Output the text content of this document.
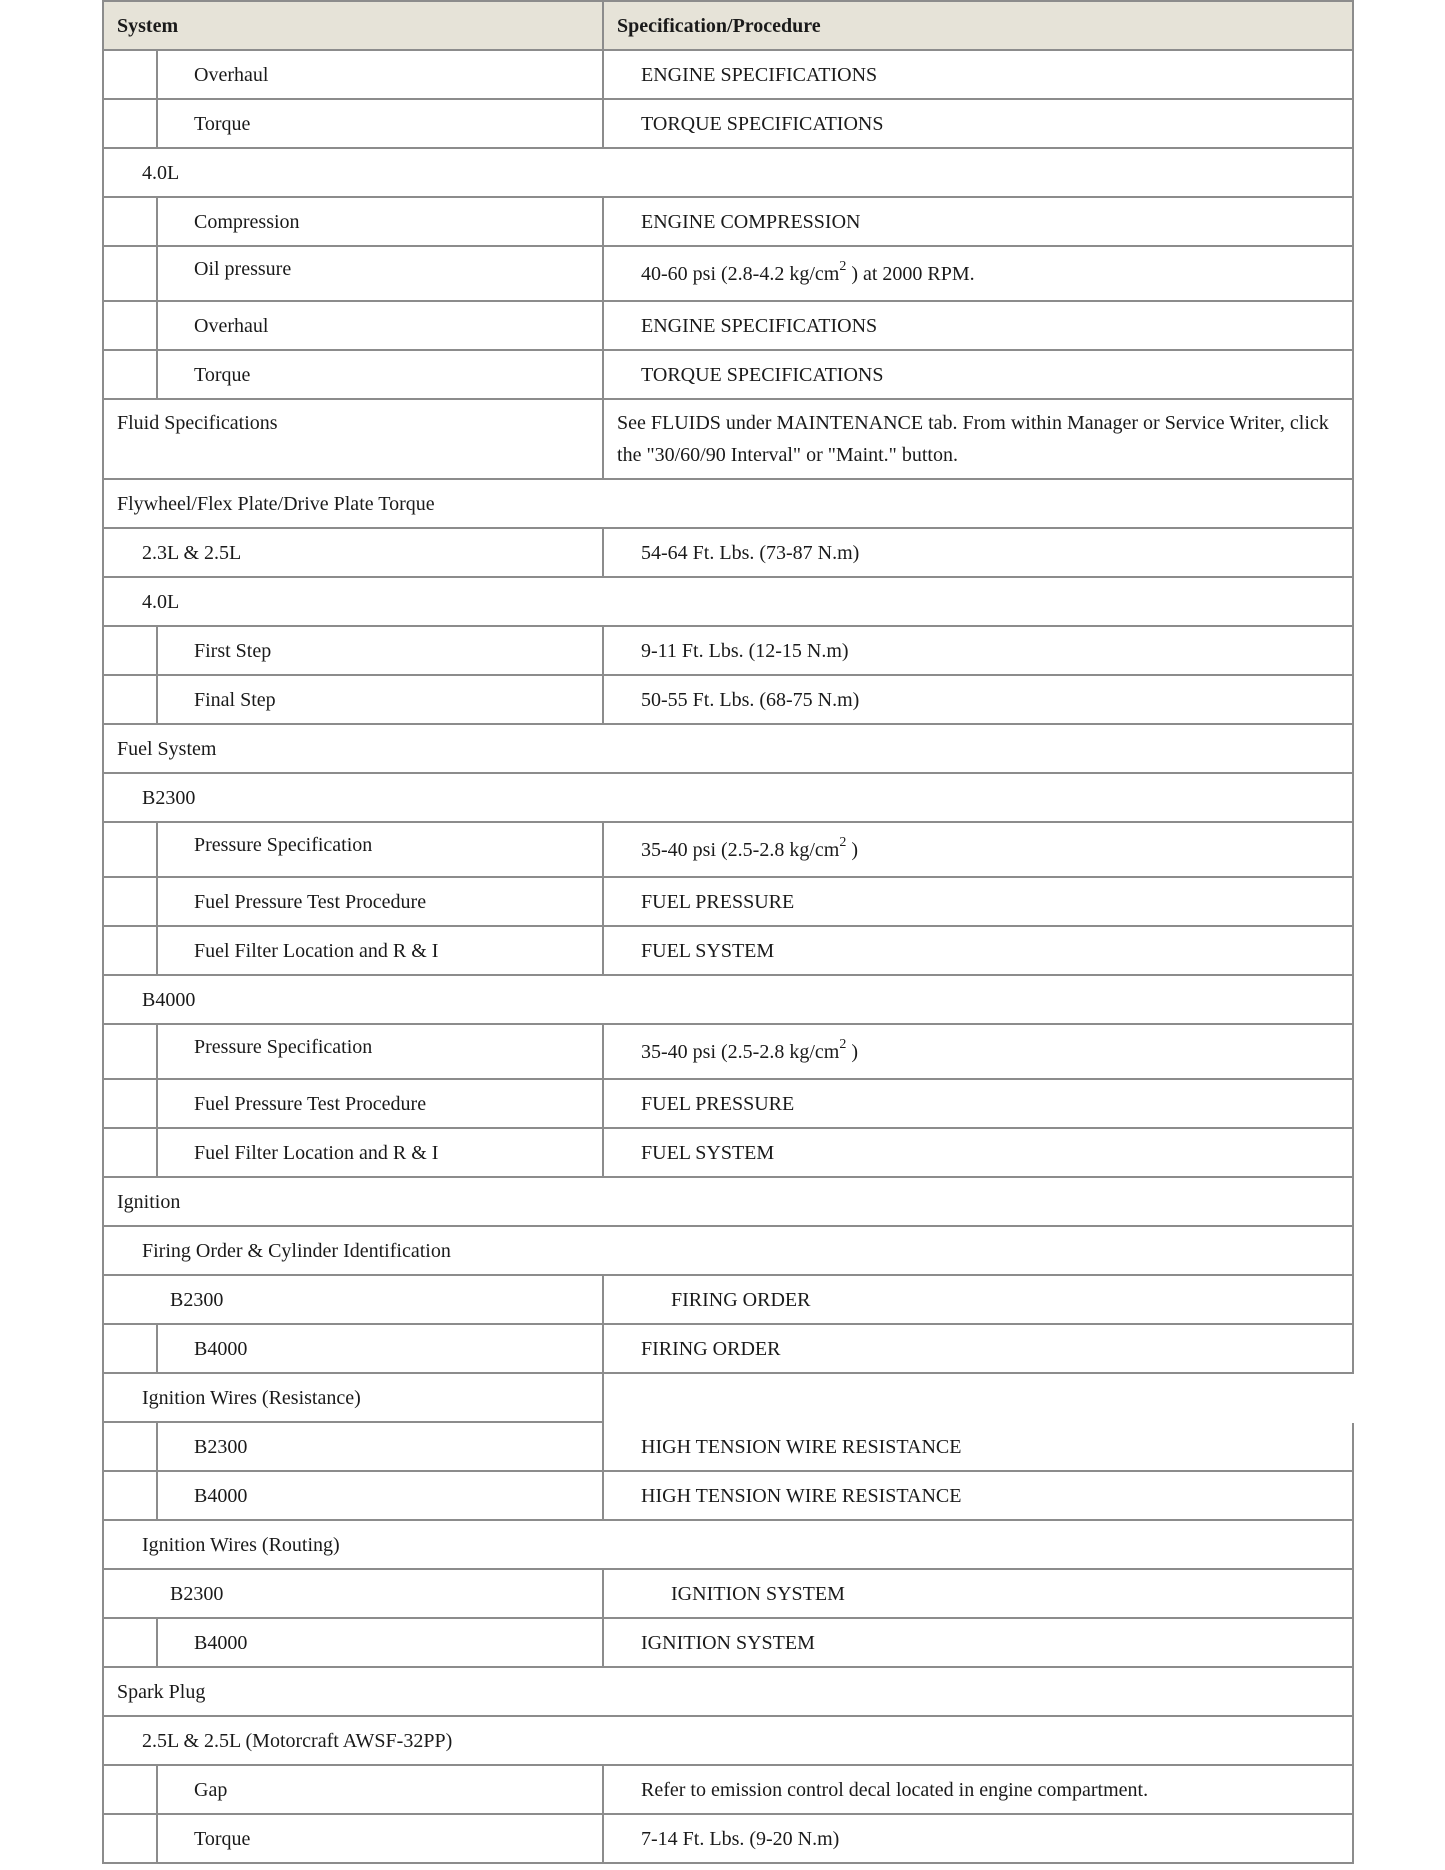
System		Specification/Procedure
	Overhaul	ENGINE SPECIFICATIONS
	Torque	TORQUE SPECIFICATIONS
4.0L		
	Compression	ENGINE COMPRESSION
	Oil pressure	40-60 psi (2.8-4.2 $kg/cm^2$ ) at 2000 RPM.
	Overhaul	ENGINE SPECIFICATIONS
	Torque	TORQUE SPECIFICATIONS
Fluid Specifications		See FLUIDS under MAINTENANCE tab. From within Manager or Service Writer, click the "30/60/90 Interval" or "Maint." button.
Flywheel/Flex Plate/Drive Plate Torque		
2.3L & 2.5L		54-64 Ft. Lbs. (73-87 N.m)
4.0L		
	First Step	9-11 Ft. Lbs. (12-15 N.m)
	Final Step	50-55 Ft. Lbs. (68-75 N.m)
Fuel System		
B2300		
	Pressure Specification	35-40 psi (2.5-2.8 $kg/cm^2$ )
	Fuel Pressure Test Procedure	FUEL PRESSURE
	Fuel Filter Location and R & I	FUEL SYSTEM
B4000		
	Pressure Specification	35-40 psi (2.5-2.8 $kg/cm^2$ )
	Fuel Pressure Test Procedure	FUEL PRESSURE
	Fuel Filter Location and R & I	FUEL SYSTEM
Ignition		
Firing Order & Cylinder Identification		
B2300		FIRING ORDER
	B4000	FIRING ORDER
Ignition Wires (Resistance)		
	B2300	HIGH TENSION WIRE RESISTANCE
	B4000	HIGH TENSION WIRE RESISTANCE
Ignition Wires (Routing)		
B2300		IGNITION SYSTEM
	B4000	IGNITION SYSTEM
Spark Plug		
2.5L & 2.5L (Motorcraft AWSF-32PP)		
	Gap	Refer to emission control decal located in engine compartment.
	Torque	7-14 Ft. Lbs. (9-20 N.m)
